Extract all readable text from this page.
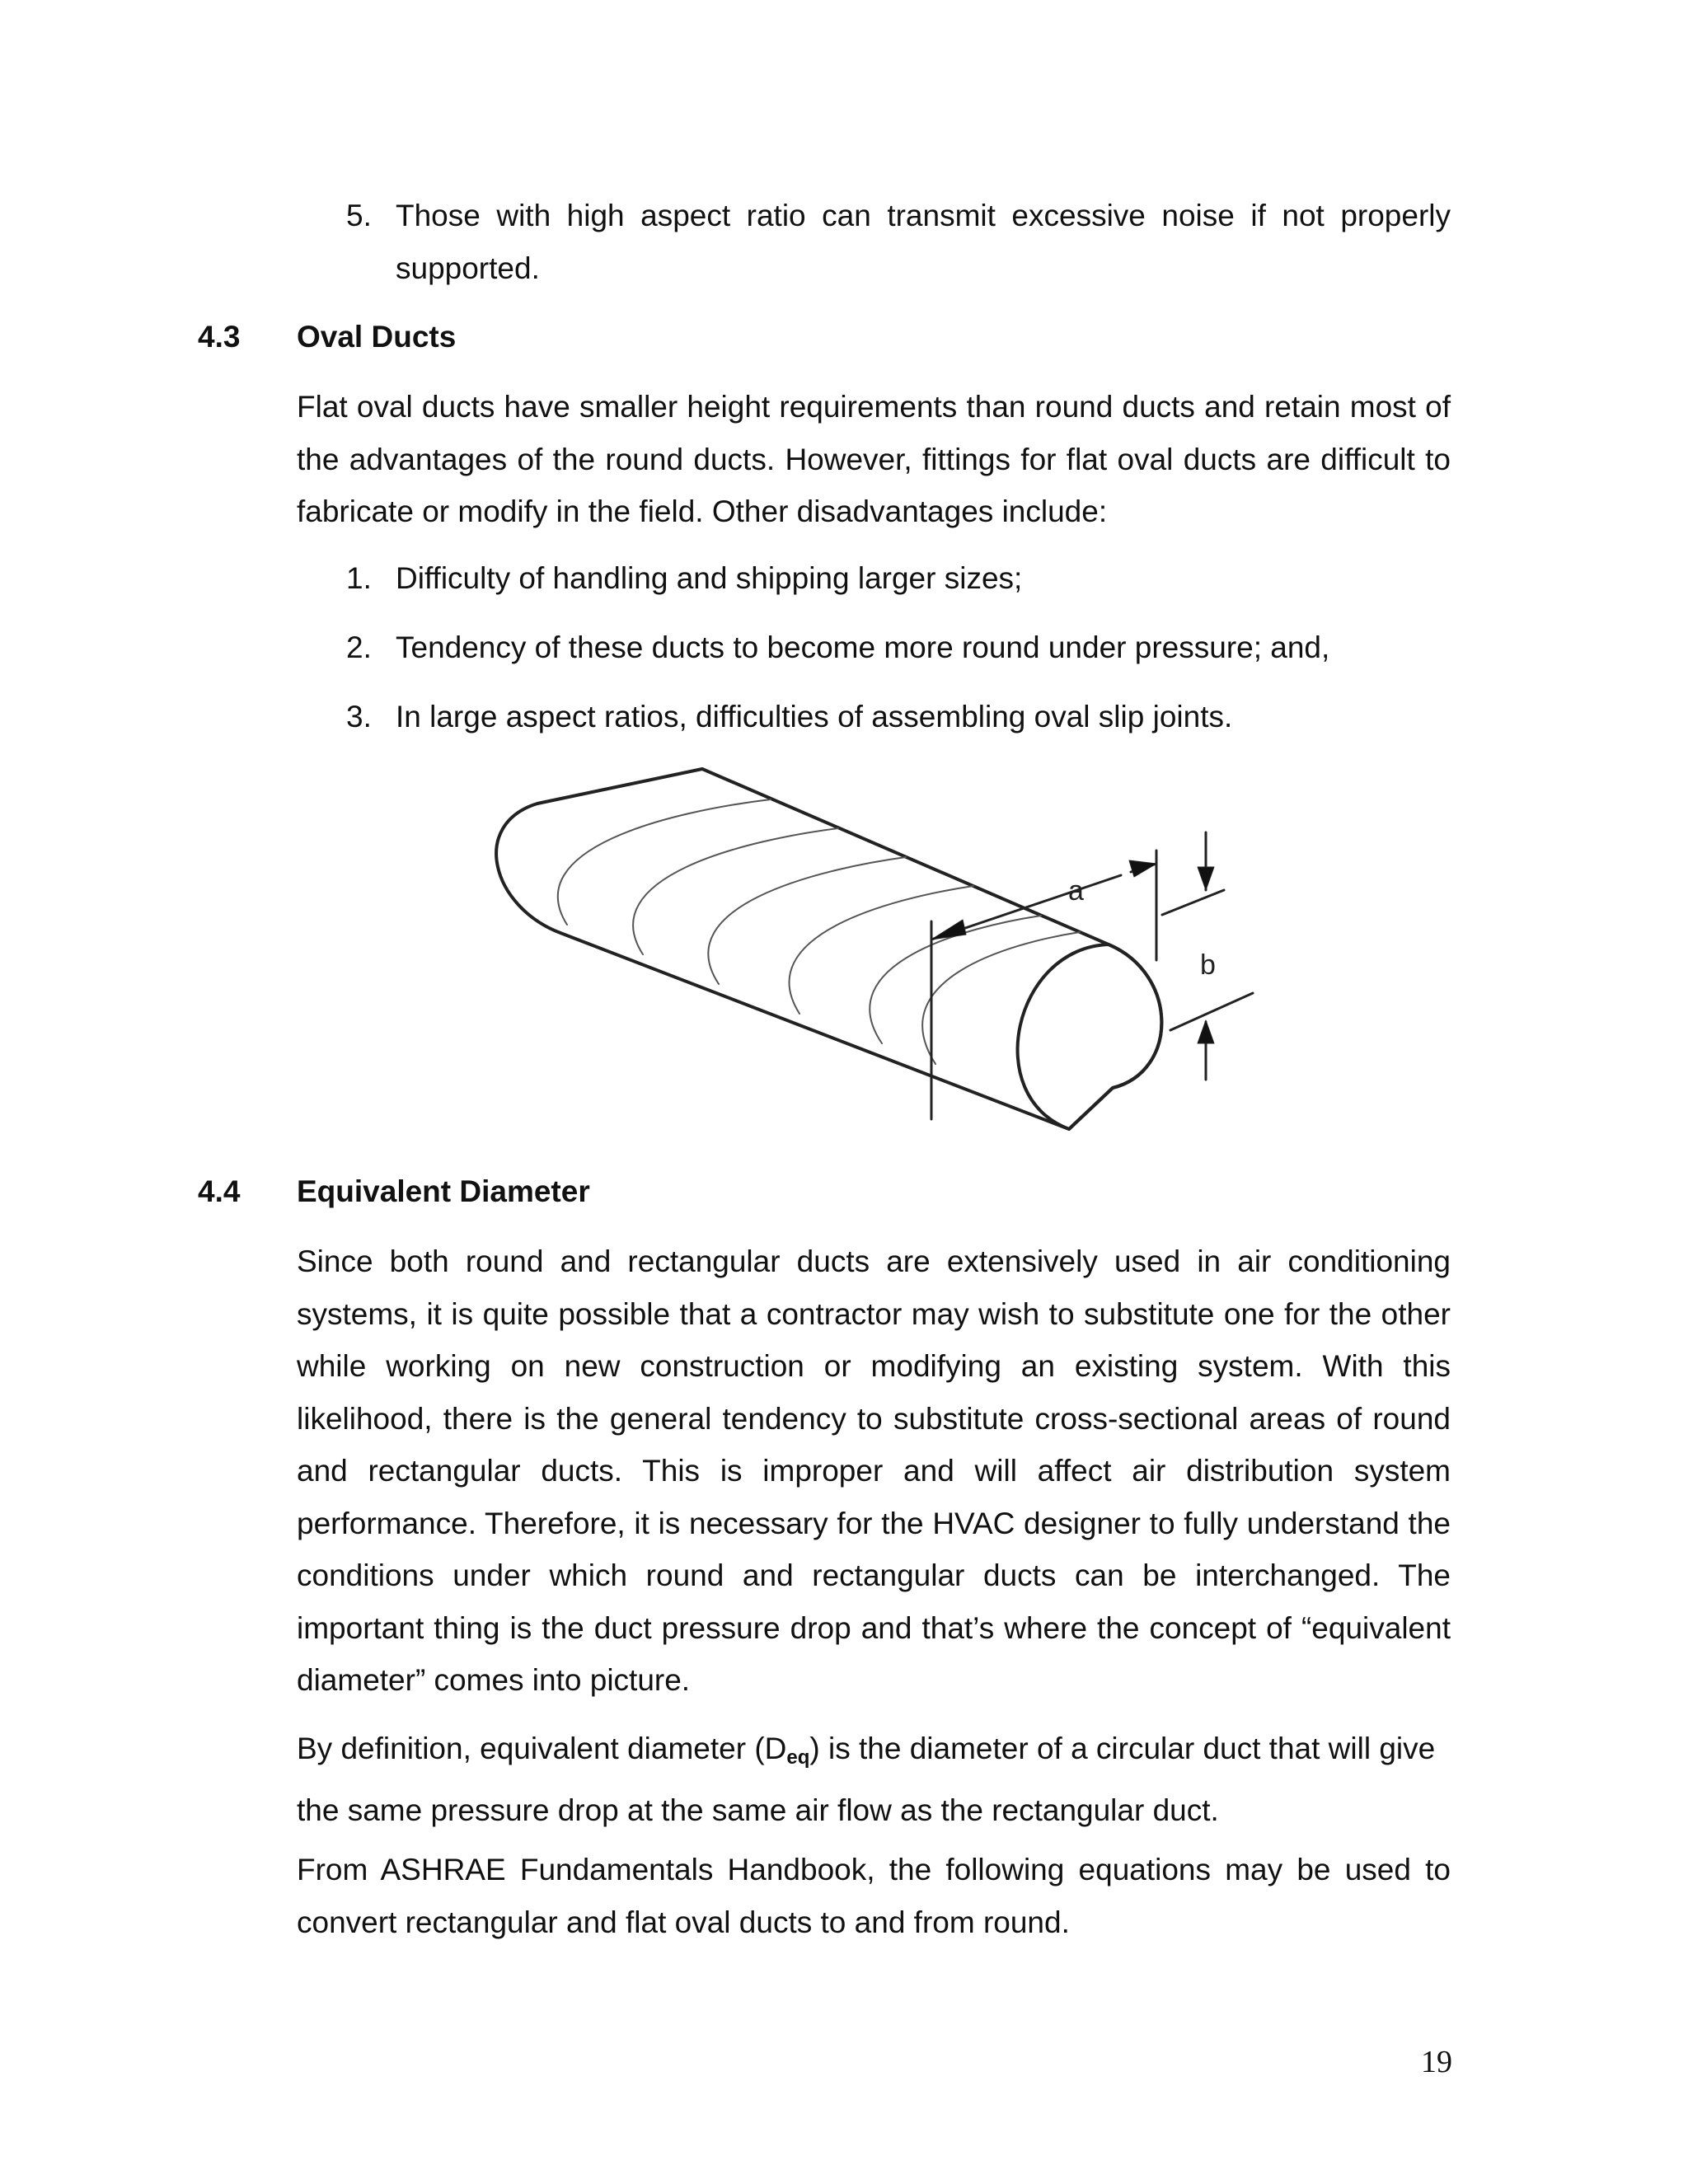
5. Those with high aspect ratio can transmit excessive noise if not properly supported.
4.3 Oval Ducts

Flat oval ducts have smaller height requirements than round ducts and retain most of the advantages of the round ducts. However, fittings for flat oval ducts are difficult to fabricate or modify in the field. Other disadvantages include:

1. Difficulty of handling and shipping larger sizes;
2. Tendency of these ducts to become more round under pressure; and,
3. In large aspect ratios, difficulties of assembling oval slip joints.
a
b
4.4 Equivalent Diameter

Since both round and rectangular ducts are extensively used in air conditioning systems, it is quite possible that a contractor may wish to substitute one for the other while working on new construction or modifying an existing system. With this likelihood, there is the general tendency to substitute cross-sectional areas of round and rectangular ducts. This is improper and will affect air distribution system performance. Therefore, it is necessary for the HVAC designer to fully understand the conditions under which round and rectangular ducts can be interchanged. The important thing is the duct pressure drop and that’s where the concept of “equivalent diameter” comes into picture.

By definition, equivalent diameter $(D_{eq})$ is the diameter of a circular duct that will give the same pressure drop at the same air flow as the rectangular duct.

From ASHRAE Fundamentals Handbook, the following equations may be used to convert rectangular and flat oval ducts to and from round.

19
